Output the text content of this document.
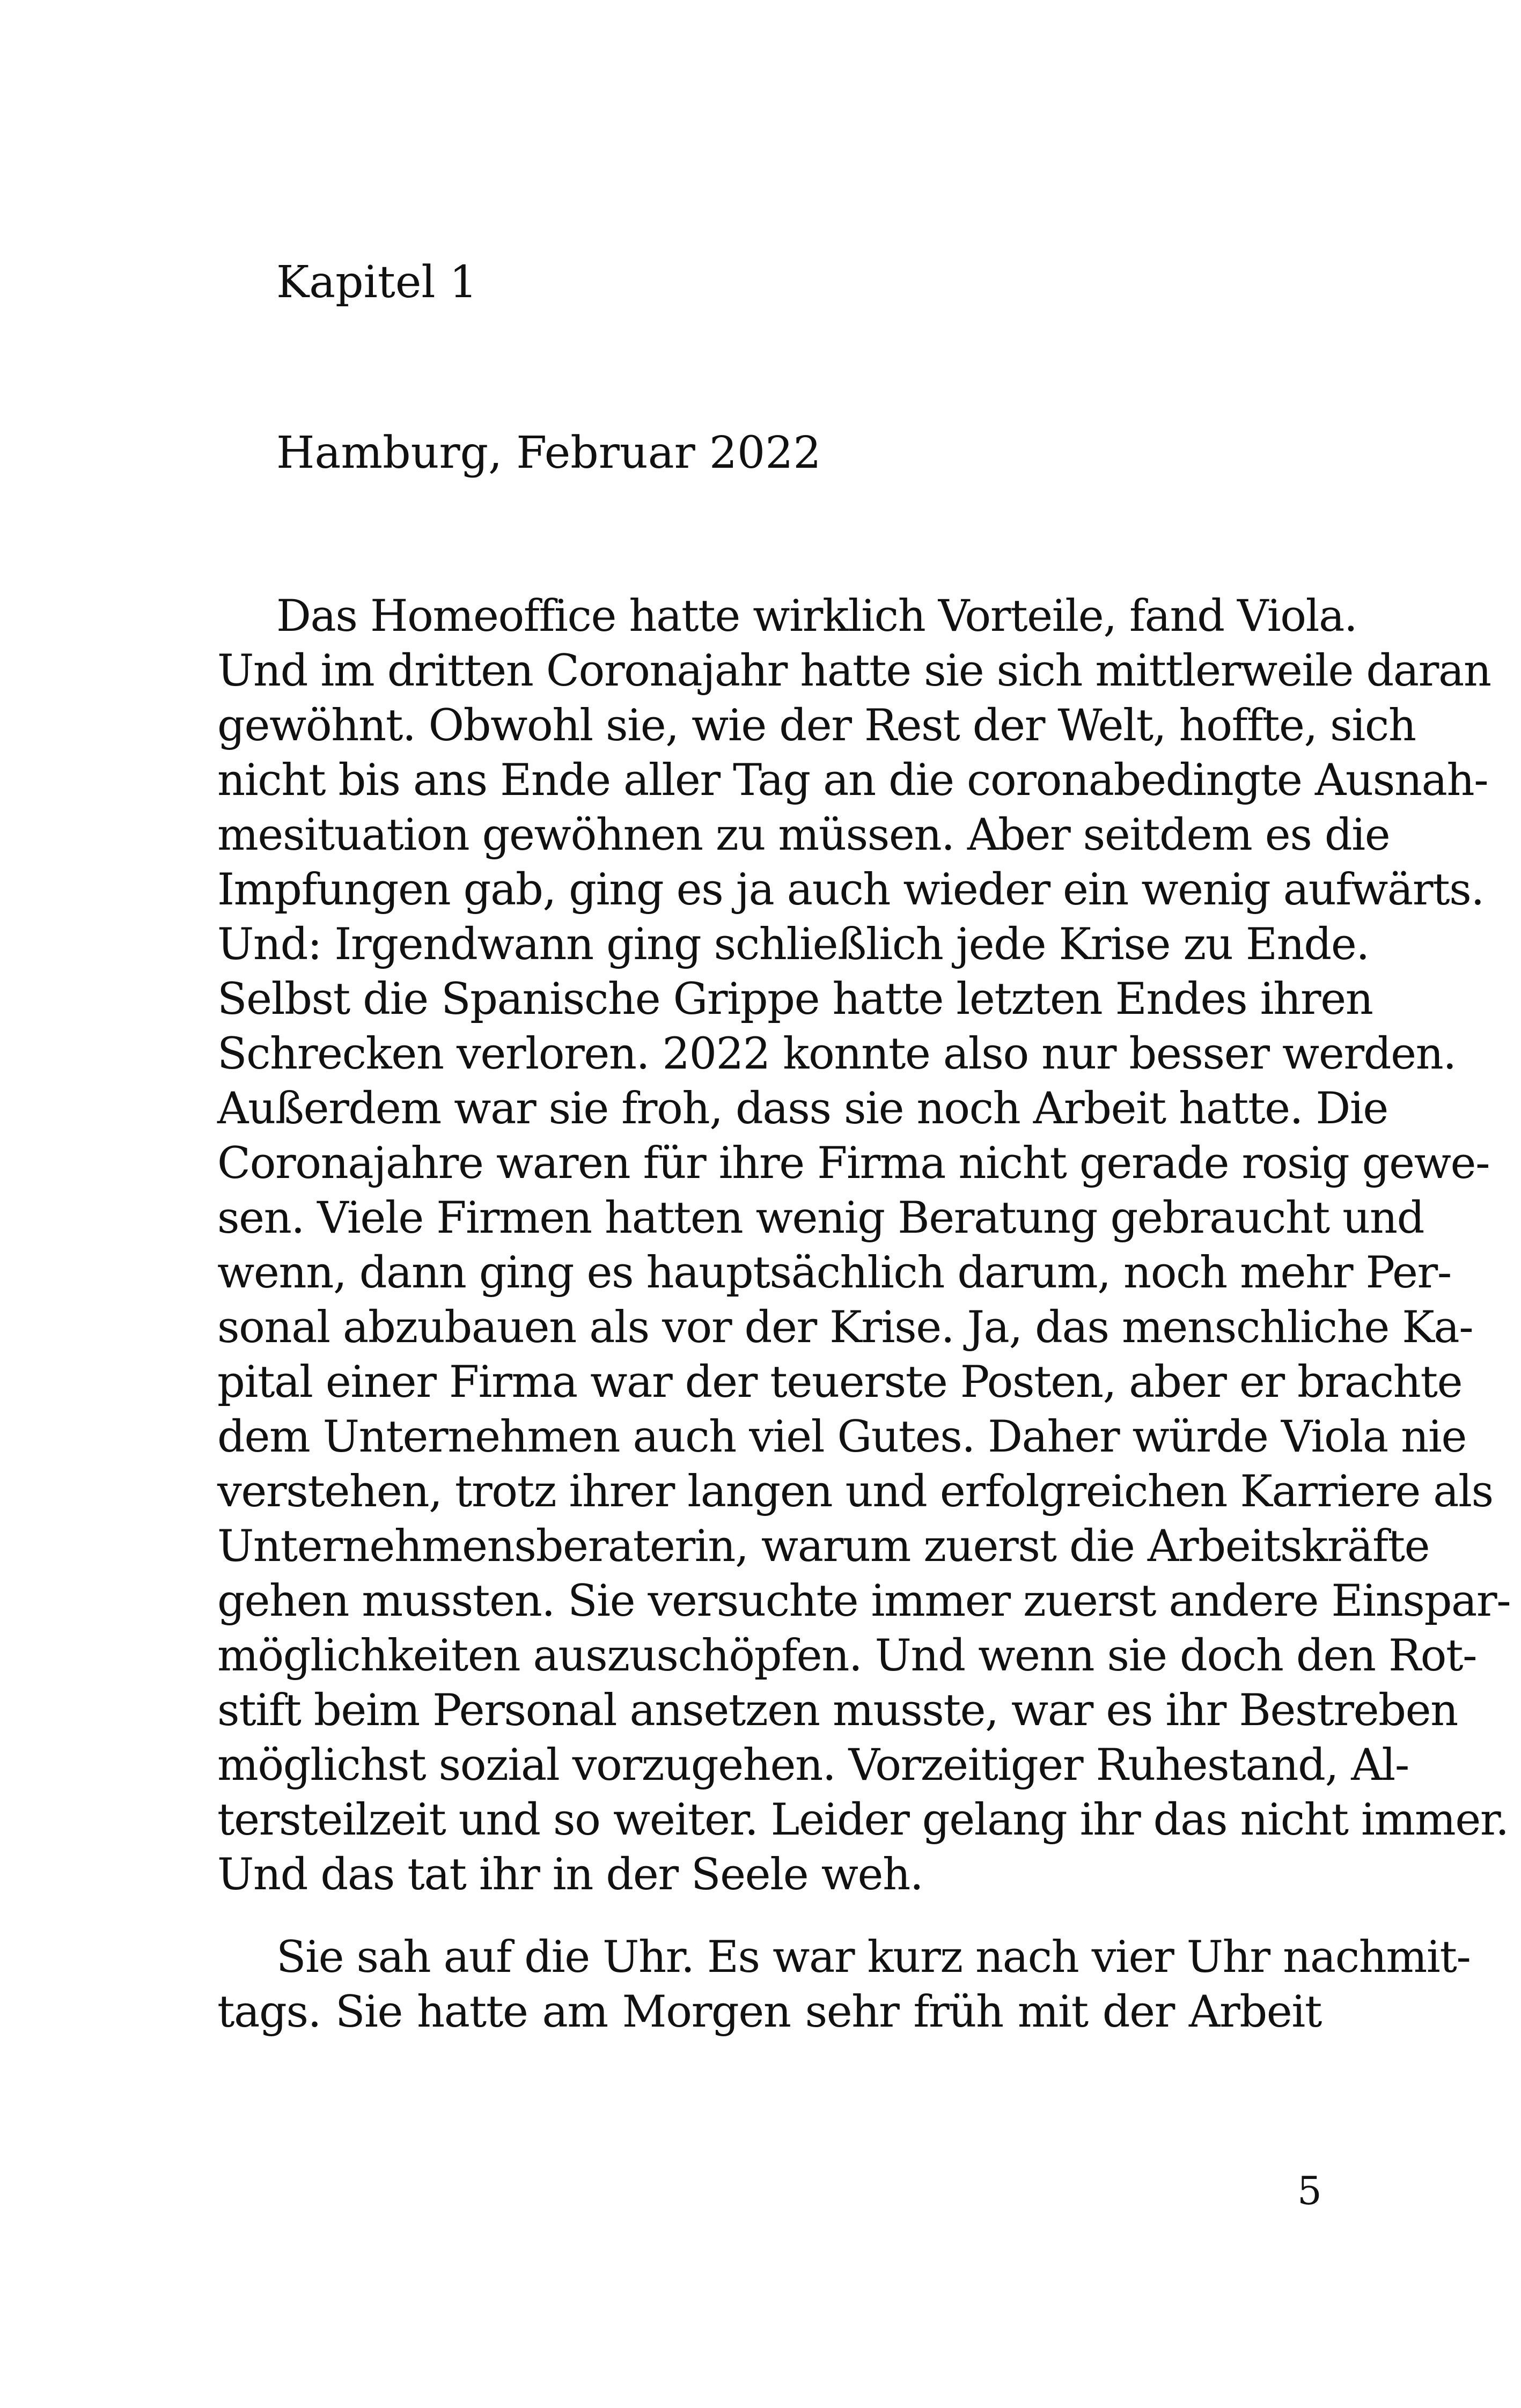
Kapitel 1

Hamburg, Februar 2022

Das Homeoffice hatte wirklich Vorteile, fand Viola.
Und im dritten Coronajahr hatte sie sich mittlerweile daran
gewöhnt. Obwohl sie, wie der Rest der Welt, hoffte, sich
nicht bis ans Ende aller Tag an die coronabedingte Ausnah-
mesituation gewöhnen zu müssen. Aber seitdem es die
Impfungen gab, ging es ja auch wieder ein wenig aufwärts.
Und: Irgendwann ging schließlich jede Krise zu Ende.
Selbst die Spanische Grippe hatte letzten Endes ihren
Schrecken verloren. 2022 konnte also nur besser werden.
Außerdem war sie froh, dass sie noch Arbeit hatte. Die
Coronajahre waren für ihre Firma nicht gerade rosig gewe-
sen. Viele Firmen hatten wenig Beratung gebraucht und
wenn, dann ging es hauptsächlich darum, noch mehr Per-
sonal abzubauen als vor der Krise. Ja, das menschliche Ka-
pital einer Firma war der teuerste Posten, aber er brachte
dem Unternehmen auch viel Gutes. Daher würde Viola nie
verstehen, trotz ihrer langen und erfolgreichen Karriere als
Unternehmensberaterin, warum zuerst die Arbeitskräfte
gehen mussten. Sie versuchte immer zuerst andere Einspar-
möglichkeiten auszuschöpfen. Und wenn sie doch den Rot-
stift beim Personal ansetzen musste, war es ihr Bestreben
möglichst sozial vorzugehen. Vorzeitiger Ruhestand, Al-
tersteilzeit und so weiter. Leider gelang ihr das nicht immer.
Und das tat ihr in der Seele weh.
Sie sah auf die Uhr. Es war kurz nach vier Uhr nachmit-
tags. Sie hatte am Morgen sehr früh mit der Arbeit

5
